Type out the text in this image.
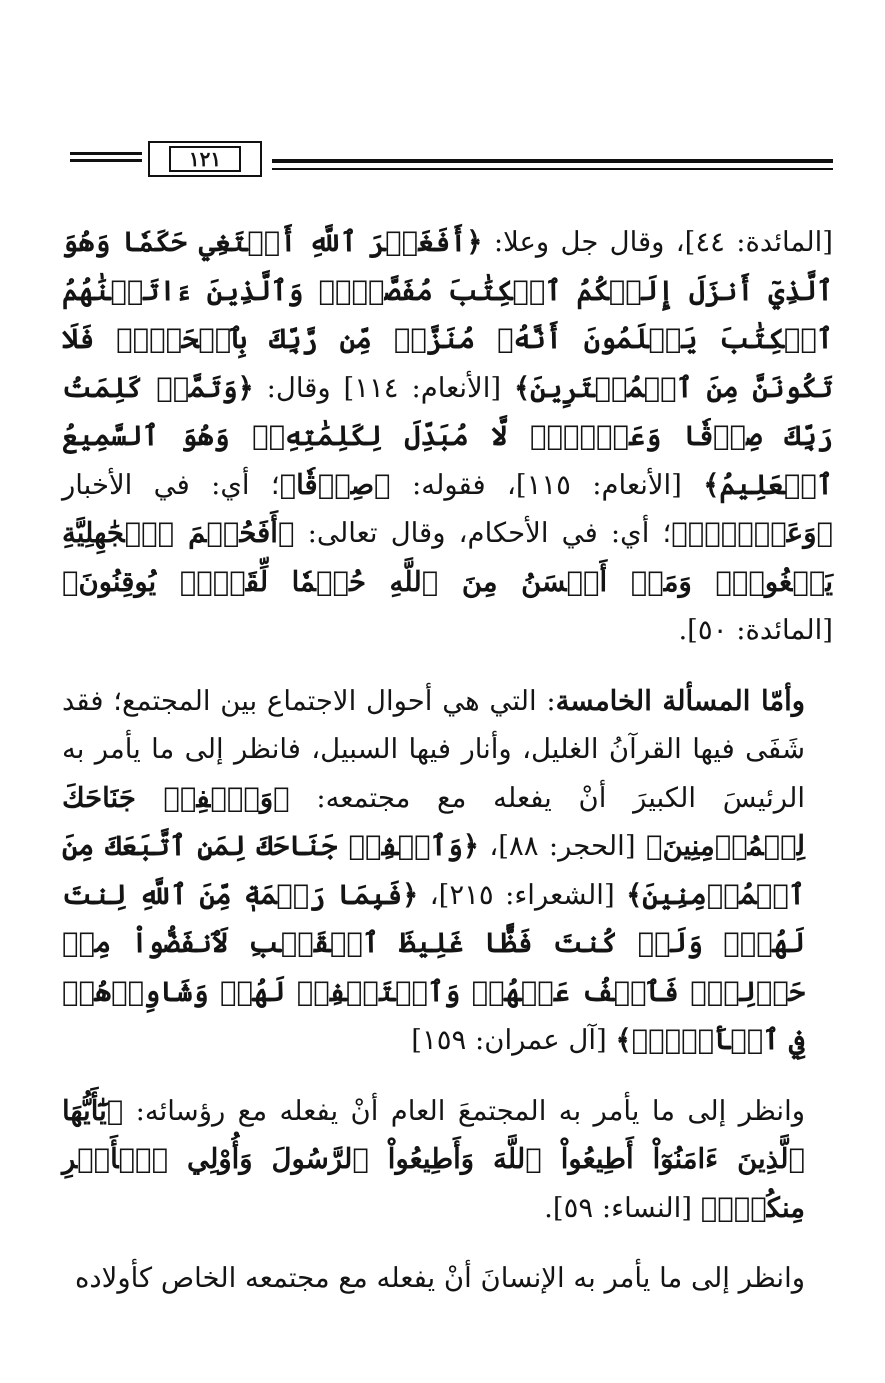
١٢١

[المائدة: ٤٤]، وقال جل وعلا: ﴿أَفَغَيۡرَ ٱللَّهِ أَبۡتَغِي حَكَمٗا وَهُوَ ٱلَّذِيٓ أَنزَلَ إِلَيۡكُمُ ٱلۡكِتَٰبَ مُفَصَّلٗاۚ وَٱلَّذِينَ ءَاتَيۡنَٰهُمُ ٱلۡكِتَٰبَ يَعۡلَمُونَ أَنَّهُۥ مُنَزَّلٞ مِّن رَّبِّكَ بِٱلۡحَقِّۖ فَلَا تَكُونَنَّ مِنَ ٱلۡمُمۡتَرِينَ﴾ [الأنعام: ١١٤] وقال: ﴿وَتَمَّتۡ كَلِمَتُ رَبِّكَ صِدۡقٗا وَعَدۡلٗاۚ لَّا مُبَدِّلَ لِكَلِمَٰتِهِۦۚ وَهُوَ ٱلسَّمِيعُ ٱلۡعَلِيمُ﴾ [الأنعام: ١١٥]، فقوله: ﴿صِدۡقٗا﴾؛ أي: في الأخبار ﴿وَعَدۡلٗاۚ﴾؛ أي: في الأحكام، وقال تعالى: ﴿أَفَحُكۡمَ ٱلۡجَٰهِلِيَّةِ يَبۡغُونَۚ وَمَنۡ أَحۡسَنُ مِنَ ٱللَّهِ حُكۡمٗا لِّقَوۡمٖ يُوقِنُونَ﴾ [المائدة: ٥٠].

وأمّا المسألة الخامسة: التي هي أحوال الاجتماع بين المجتمع؛ فقد شَفَى فيها القرآنُ الغليل، وأنار فيها السبيل، فانظر إلى ما يأمر به الرئيسَ الكبيرَ أنْ يفعله مع مجتمعه: ﴿وَٱخۡفِضۡ جَنَاحَكَ لِلۡمُؤۡمِنِينَ﴾ [الحجر: ٨٨]، ﴿وَٱخۡفِضۡ جَنَاحَكَ لِمَنِ ٱتَّبَعَكَ مِنَ ٱلۡمُؤۡمِنِينَ﴾ [الشعراء: ٢١٥]، ﴿فَبِمَا رَحۡمَةٖ مِّنَ ٱللَّهِ لِنتَ لَهُمۡۖ وَلَوۡ كُنتَ فَظًّا غَلِيظَ ٱلۡقَلۡبِ لَٱنفَضُّواْ مِنۡ حَوۡلِكَۖ فَٱعۡفُ عَنۡهُمۡ وَٱسۡتَغۡفِرۡ لَهُمۡ وَشَاوِرۡهُمۡ فِي ٱلۡأَمۡرِۖ﴾ [آل عمران: ١٥٩]

وانظر إلى ما يأمر به المجتمعَ العام أنْ يفعله مع رؤسائه: ﴿يَٰٓأَيُّهَا ٱلَّذِينَ ءَامَنُوٓاْ أَطِيعُواْ ٱللَّهَ وَأَطِيعُواْ ٱلرَّسُولَ وَأُوْلِي ٱلۡأَمۡرِ مِنكُمۡۖ﴾ [النساء: ٥٩].

وانظر إلى ما يأمر به الإنسانَ أنْ يفعله مع مجتمعه الخاص كأولاده
